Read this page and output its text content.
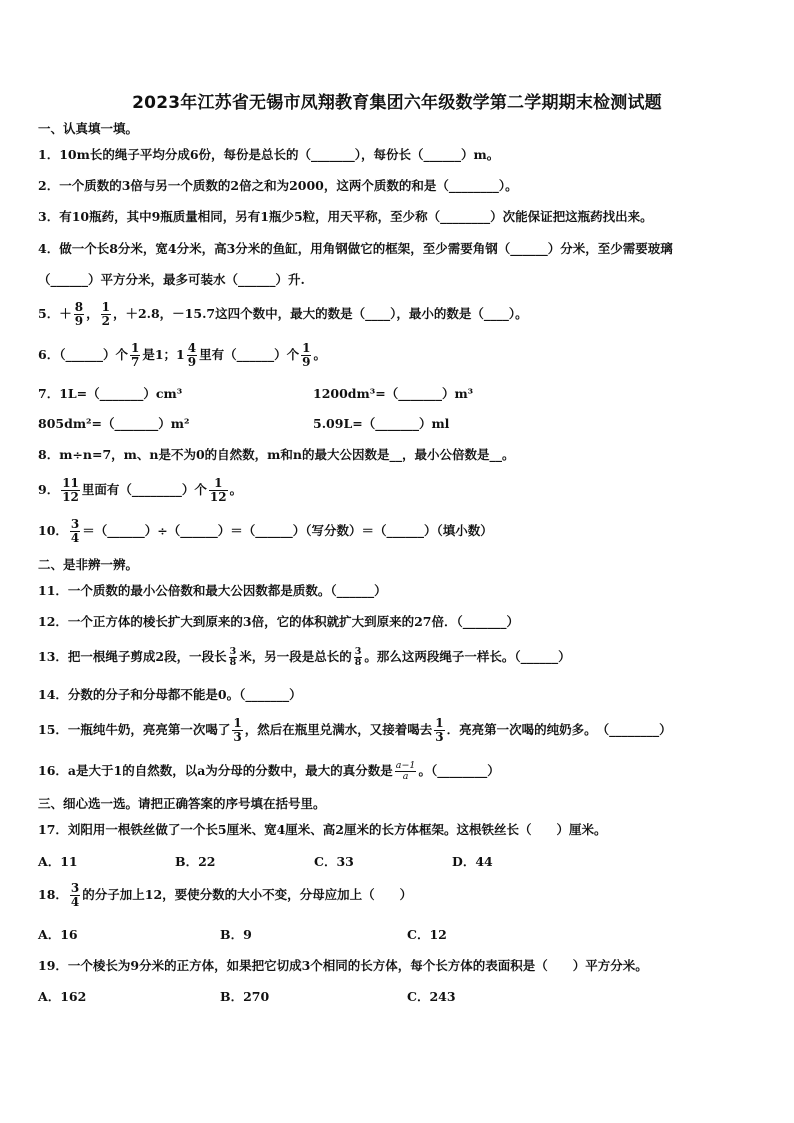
2023年江苏省无锡市凤翔教育集团六年级数学第二学期期末检测试题
一、认真填一填。
1．10m长的绳子平均分成6份，每份是总长的（_______），每份长（______）m。
2．一个质数的3倍与另一个质数的2倍之和为2000，这两个质数的和是（________）。
3．有10瓶药，其中9瓶质量相同，另有1瓶少5粒，用天平称，至少称（________）次能保证把这瓶药找出来。
4．做一个长8分米，宽4分米，高3分米的鱼缸，用角钢做它的框架，至少需要角钢（______）分米，至少需要玻璃
（______）平方分米，最多可装水（______）升.
5．＋ $\frac{8}{9}$ ， $\frac{1}{2}$ ，＋2.8，－15.7这四个数中，最大的数是（____），最小的数是（____）。
6．（______）个 $\frac{1}{7}$ 是1；$1 \frac{4}{9}$ 里有（______）个 $\frac{1}{9}$ 。
7．1L=（_______）cm³	1200dm³=（_______）m³
805dm²=（_______）m²	5.09L=（_______）ml
8．m÷n=7，m、n是不为0的自然数，m和n的最大公因数是__，最小公倍数是__。
9． $\frac{11}{12}$ 里面有（________）个 $\frac{1}{12}$ 。
10． $\frac{3}{4}$ ＝（______）÷（______）＝（______）（写分数）＝（______）（填小数）
二、是非辨一辨。
11．一个质数的最小公倍数和最大公因数都是质数。（______）
12．一个正方体的棱长扩大到原来的3倍，它的体积就扩大到原来的27倍．（_______）
13．把一根绳子剪成2段，一段长 $\frac{3}{8}$ 米，另一段是总长的 $\frac{3}{8}$ 。那么这两段绳子一样长。（______）
14．分数的分子和分母都不能是0。（_______）
15．一瓶纯牛奶，亮亮第一次喝了 $\frac{1}{3}$ ，然后在瓶里兑满水，又接着喝去 $\frac{1}{3}$ ．亮亮第一次喝的纯奶多。　（________）
16．a是大于1的自然数，以a为分母的分数中，最大的真分数是 $\frac{a-1}{a}$ 。（________）
三、细心选一选。请把正确答案的序号填在括号里。
17．刘阳用一根铁丝做了一个长5厘米、宽4厘米、高2厘米的长方体框架。这根铁丝长（　　）厘米。
A．11	B．22	C．33	D．44
18． $\frac{3}{4}$ 的分子加上12，要使分数的大小不变，分母应加上（　　）
A．16	B．9	C．12
19．一个棱长为9分米的正方体，如果把它切成3个相同的长方体，每个长方体的表面积是（　　）平方分米。
A．162	B．270	C．243
